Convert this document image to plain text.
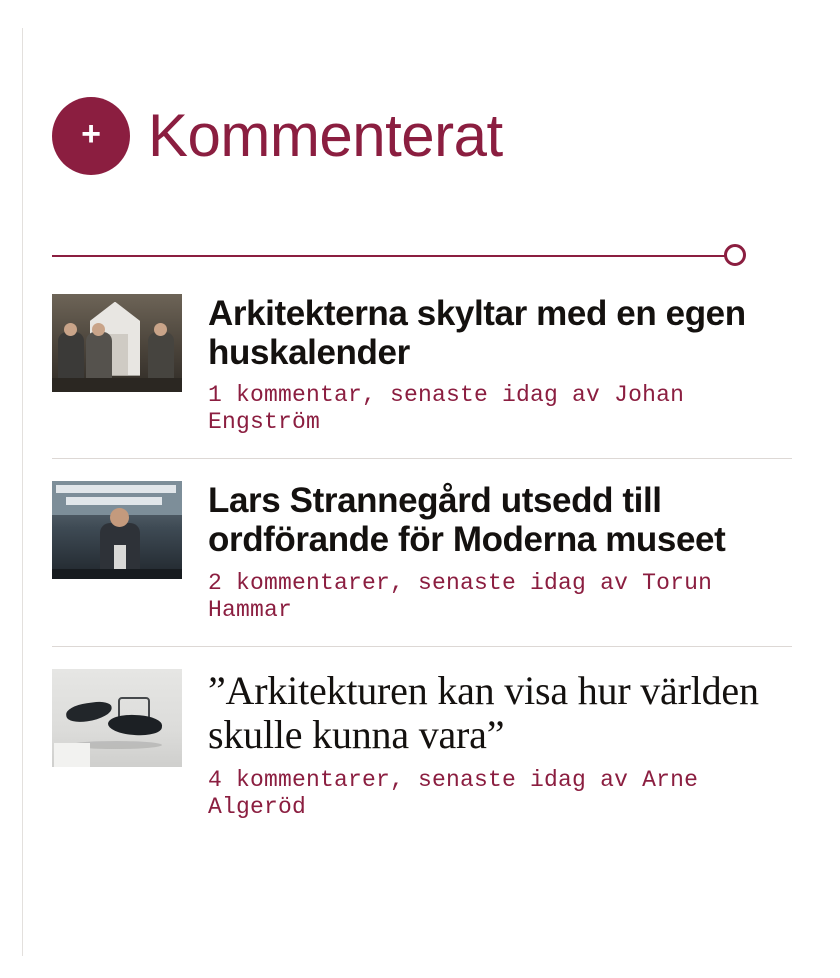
+ Kommenterat
Arkitekterna skyltar med en egen huskalender
1 kommentar, senaste idag av Johan Engström
Lars Strannegård utsedd till ordförande för Moderna museet
2 kommentarer, senaste idag av Torun Hammar
”Arkitekturen kan visa hur världen skulle kunna vara”
4 kommentarer, senaste idag av Arne Algeröd
